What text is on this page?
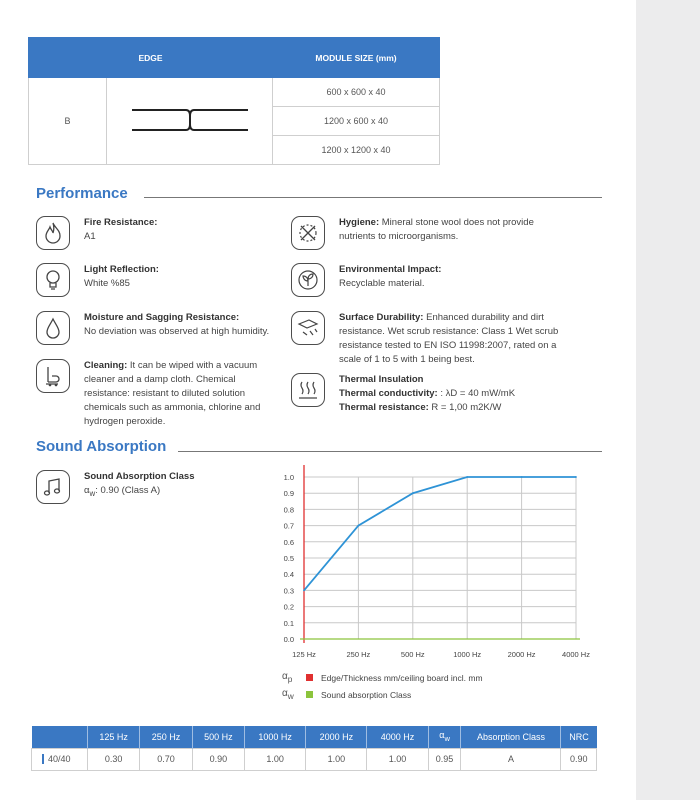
EDGE		MODULE SIZE (mm)
B		600 x 600 x 40
		1200 x 600 x 40
		1200 x 1200 x 40
Performance
Fire Resistance:
A1
Light Reflection:
White %85
Moisture and Sagging Resistance:
No deviation was observed at high humidity.
Cleaning: It can be wiped with a vacuum cleaner and a damp cloth. Chemical resistance: resistant to diluted solution chemicals such as ammonia, chlorine and hydrogen peroxide.
Hygiene: Mineral stone wool does not provide nutrients to microorganisms.
Environmental Impact:
Recyclable material.
Surface Durability: Enhanced durability and dirt resistance. Wet scrub resistance: Class 1 Wet scrub resistance tested to EN ISO 11998:2007, rated on a scale of 1 to 5 with 1 being best.
Thermal Insulation
Thermal conductivity: : λD = 40 mW/mK
Thermal resistance: R = 1,00 m2K/W
Sound Absorption
Sound Absorption Class
$\alpha_w$: 0.90 (Class A)
0.0
0.1
0.2
0.3
0.4
0.5
0.6
0.7
0.8
0.9
1.0
125 Hz	250 Hz	500 Hz	1000 Hz	2000 Hz	4000 Hz
$\alpha_p$	Edge/Thickness mm/ceiling board incl. mm
$\alpha_w$	Sound absorption Class
	125 Hz	250 Hz	500 Hz	1000 Hz	2000 Hz	4000 Hz	$\alpha_w$	Absorption Class	NRC
40/40	0.30	0.70	0.90	1.00	1.00	1.00	0.95	A	0.90
